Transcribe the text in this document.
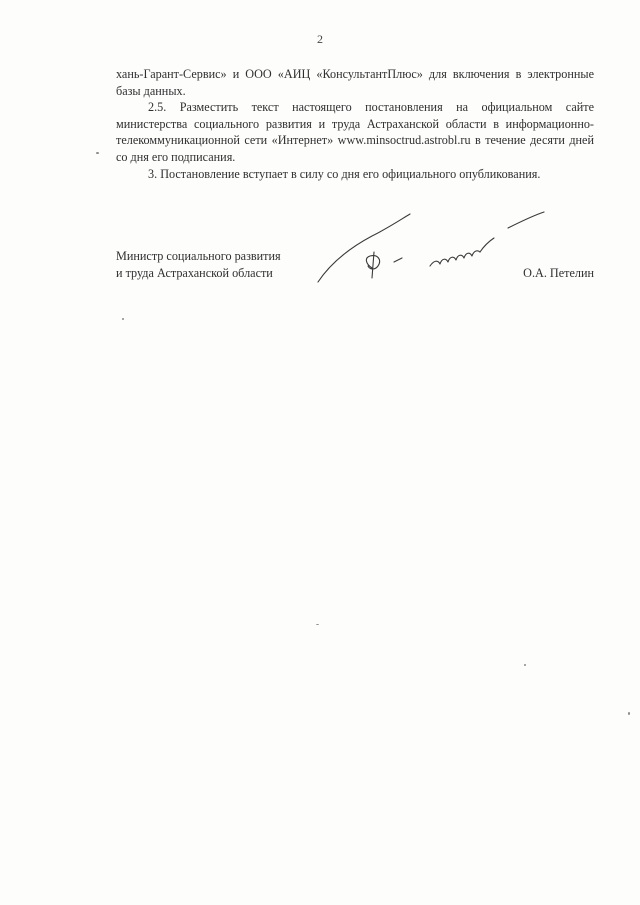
2

хань-Гарант-Сервис» и ООО «АИЦ «КонсультантПлюс» для включения в электронные базы данных.

2.5. Разместить текст настоящего постановления на официальном сайте министерства социального развития и труда Астраханской области в информационно-телекоммуникационной сети «Интернет» www.minsoctrud.astrobl.ru в течение десяти дней со дня его подписания.

3. Постановление вступает в силу со дня его официального опубликования.

Министр социального развития
и труда Астраханской области	О.А. Петелин
